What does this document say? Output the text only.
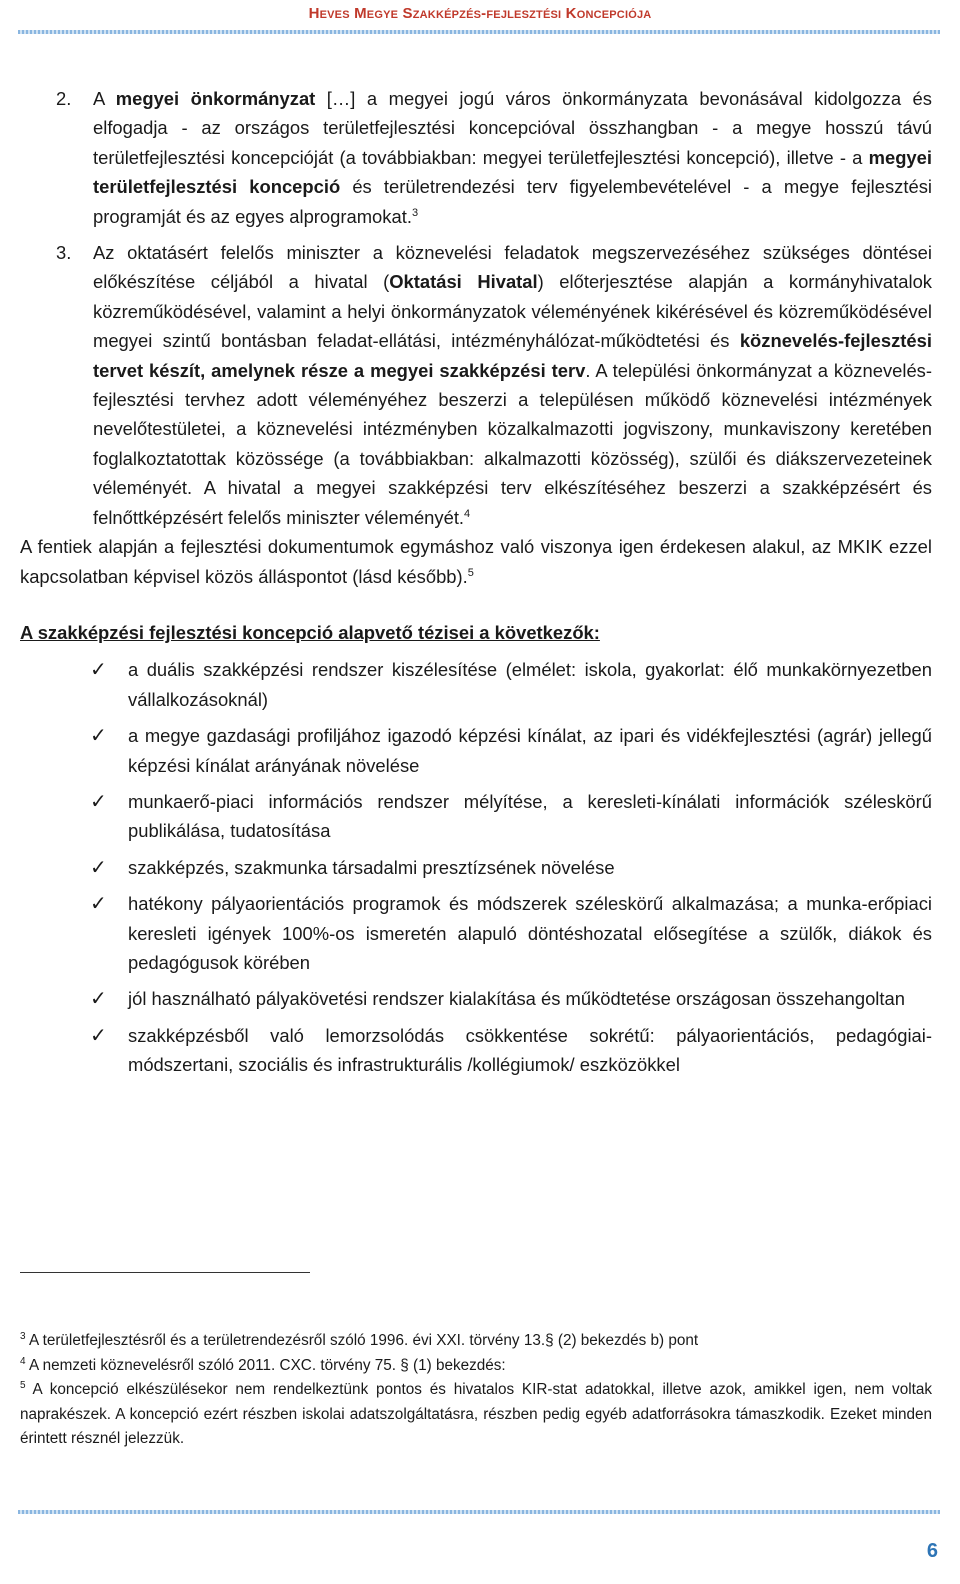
Heves Megye Szakképzés-fejlesztési Koncepciója

2. A megyei önkormányzat […] a megyei jogú város önkormányzata bevonásával kidolgozza és elfogadja - az országos területfejlesztési koncepcióval összhangban - a megye hosszú távú területfejlesztési koncepcióját (a továbbiakban: megyei területfejlesztési koncepció), illetve - a megyei területfejlesztési koncepció és területrendezési terv figyelembevételével - a megye fejlesztési programját és az egyes alprogramokat.$^3$

3. Az oktatásért felelős miniszter a köznevelési feladatok megszervezéséhez szükséges döntései előkészítése céljából a hivatal (Oktatási Hivatal) előterjesztése alapján a kormányhivatalok közreműködésével, valamint a helyi önkormányzatok véleményének kikérésével és közreműködésével megyei szintű bontásban feladat-ellátási, intézményhálózat-működtetési és köznevelés-fejlesztési tervet készít, amelynek része a megyei szakképzési terv. A települési önkormányzat a köznevelés-fejlesztési tervhez adott véleményéhez beszerzi a településen működő köznevelési intézmények nevelőtestületei, a köznevelési intézményben közalkalmazotti jogviszony, munkaviszony keretében foglalkoztatottak közössége (a továbbiakban: alkalmazotti közösség), szülői és diákszervezeteinek véleményét. A hivatal a megyei szakképzési terv elkészítéséhez beszerzi a szakképzésért és felnőttképzésért felelős miniszter véleményét.$^4$

A fentiek alapján a fejlesztési dokumentumok egymáshoz való viszonya igen érdekesen alakul, az MKIK ezzel kapcsolatban képvisel közös álláspontot (lásd később).$^5$

A szakképzési fejlesztési koncepció alapvető tézisei a következők:

✓ a duális szakképzési rendszer kiszélesítése (elmélet: iskola, gyakorlat: élő munkakörnyezetben vállalkozásoknál)
✓ a megye gazdasági profiljához igazodó képzési kínálat, az ipari és vidékfejlesztési (agrár) jellegű képzési kínálat arányának növelése
✓ munkaerő-piaci információs rendszer mélyítése, a keresleti-kínálati információk széleskörű publikálása, tudatosítása
✓ szakképzés, szakmunka társadalmi presztízsének növelése
✓ hatékony pályaorientációs programok és módszerek széleskörű alkalmazása; a munka-erőpiaci keresleti igények 100%-os ismeretén alapuló döntéshozatal elősegítése a szülők, diákok és pedagógusok körében
✓ jól használható pályakövetési rendszer kialakítása és működtetése országosan összehangoltan
✓ szakképzésből való lemorzsolódás csökkentése sokrétű: pályaorientációs, pedagógiai-módszertani, szociális és infrastrukturális /kollégiumok/ eszközökkel

$^3$ A területfejlesztésről és a területrendezésről szóló 1996. évi XXI. törvény 13.§ (2) bekezdés b) pont

$^4$ A nemzeti köznevelésről szóló 2011. CXC. törvény 75. § (1) bekezdés:

$^5$ A koncepció elkészülésekor nem rendelkeztünk pontos és hivatalos KIR-stat adatokkal, illetve azok, amikkel igen, nem voltak naprakészek. A koncepció ezért részben iskolai adatszolgáltatásra, részben pedig egyéb adatforrásokra támaszkodik. Ezeket minden érintett résznél jelezzük.

6
